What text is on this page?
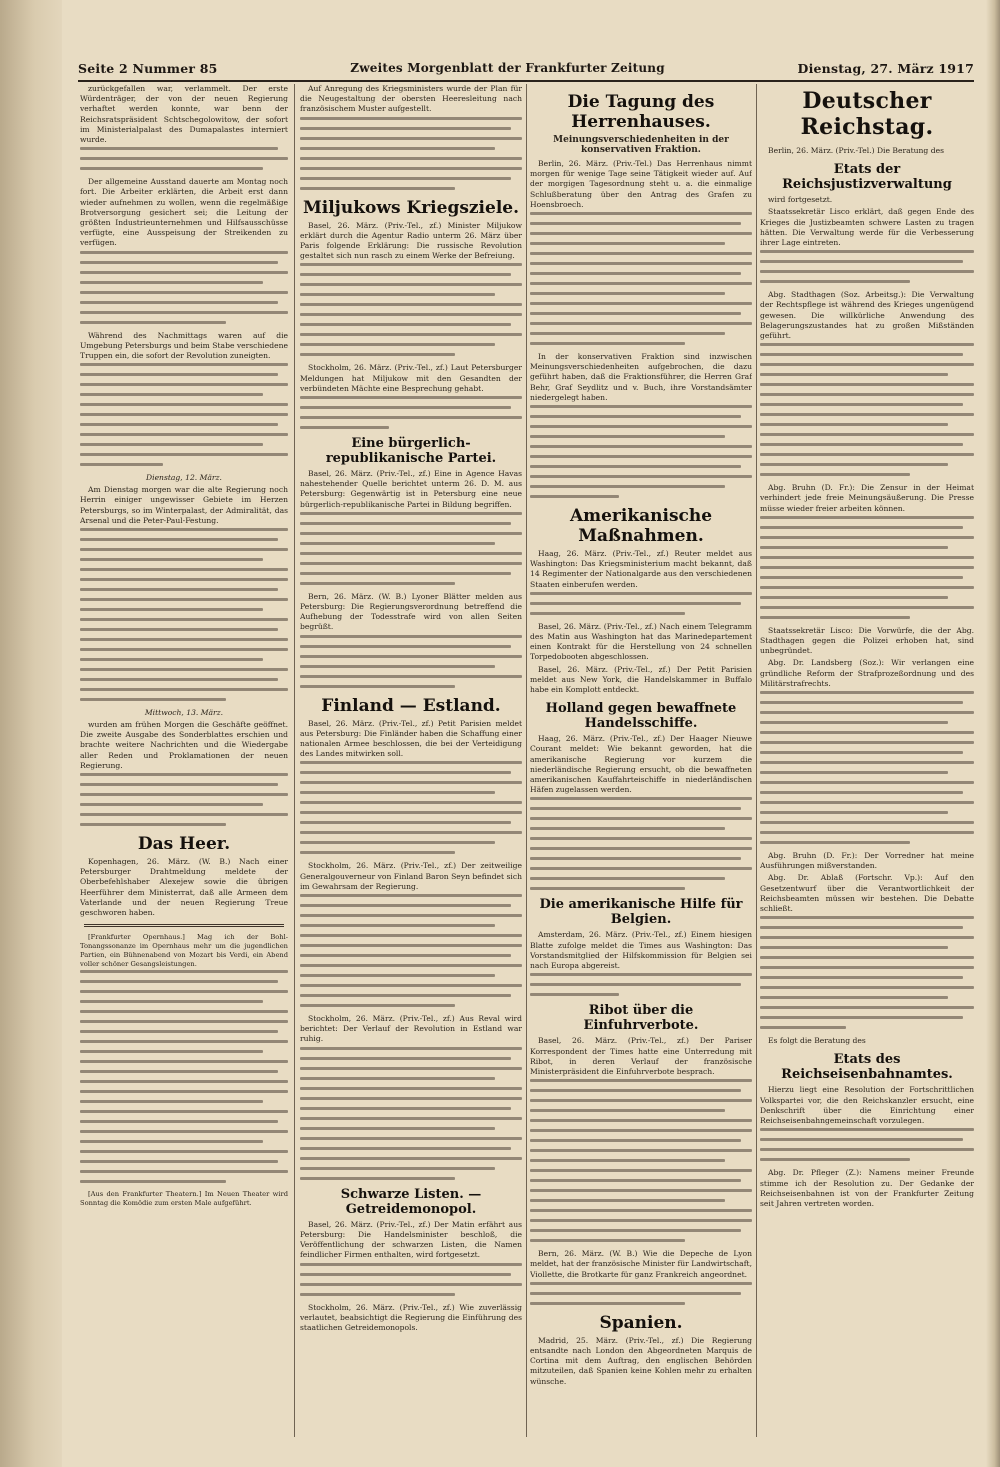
Seite 2 Nummer 85	Zweites Morgenblatt der Frankfurter Zeitung	Dienstag, 27. März 1917

zurückgefallen war, verlammelt. Der erste Würdenträger, der von der neuen Regierung verhaftet werden konnte, war benn der Reichsratspräsident Schtschegolowitow, der sofort im Ministerialpalast des Dumapalastes interniert wurde.

Der allgemeine Ausstand dauerte am Montag noch fort. Die Arbeiter erklärten, die Arbeit erst dann wieder aufnehmen zu wollen, wenn die regelmäßige Brotversorgung gesichert sei; die Leitung der größten Industrieunternehmen und Hilfsausschüsse verfügte, eine Ausspeisung der Streikenden zu verfügen.

Während des Nachmittags waren auf die Umgebung Petersburgs und beim Stabe verschiedene Truppen ein, die sofort der Revolution zuneigten.

Dienstag, 12. März.

Am Dienstag morgen war die alte Regierung noch Herrin einiger ungewisser Gebiete im Herzen Petersburgs, so im Winterpalast, der Admiralität, das Arsenal und die Peter-Paul-Festung.

Mittwoch, 13. März.

wurden am frühen Morgen die Geschäfte geöffnet. Die zweite Ausgabe des Sonderblattes erschien und brachte weitere Nachrichten und die Wiedergabe aller Reden und Proklamationen der neuen Regierung.

Das Heer.

Kopenhagen, 26. März. (W. B.) Nach einer Petersburger Drahtmeldung meldete der Oberbefehlshaber Alexejew sowie die übrigen Heerführer dem Ministerrat, daß alle Armeen dem Vaterlande und der neuen Regierung Treue geschworen haben.

[Frankfurter Opernhaus.] Mag ich der Bohl-Tonangssonanze im Opernhaus mehr um die jugendlichen Partien, ein Bühnenabend von Mozart bis Verdi, ein Abend voller schöner Gesangsleistungen.

[Aus den Frankfurter Theatern.] Im Neuen Theater wird Sonntag die Komödie zum ersten Male aufgeführt.

Auf Anregung des Kriegsministers wurde der Plan für die Neugestaltung der obersten Heeresleitung nach französischem Muster aufgestellt.

Miljukows Kriegsziele.

Basel, 26. März. (Priv.-Tel., zf.) Minister Miljukow erklärt durch die Agentur Radio unterm 26. März über Paris folgende Erklärung: Die russische Revolution gestaltet sich nun rasch zu einem Werke der Befreiung.

Stockholm, 26. März. (Priv.-Tel., zf.) Laut Petersburger Meldungen hat Miljukow mit den Gesandten der verbündeten Mächte eine Besprechung gehabt.

Eine bürgerlich-republikanische Partei.

Basel, 26. März. (Priv.-Tel., zf.) Eine in Agence Havas nahestehender Quelle berichtet unterm 26. D. M. aus Petersburg: Gegenwärtig ist in Petersburg eine neue bürgerlich-republikanische Partei in Bildung begriffen.

Bern, 26. März. (W. B.) Lyoner Blätter melden aus Petersburg: Die Regierungsverordnung betreffend die Aufhebung der Todesstrafe wird von allen Seiten begrüßt.

Finland — Estland.

Basel, 26. März. (Priv.-Tel., zf.) Petit Parisien meldet aus Petersburg: Die Finländer haben die Schaffung einer nationalen Armee beschlossen, die bei der Verteidigung des Landes mitwirken soll.

Stockholm, 26. März. (Priv.-Tel., zf.) Der zeitweilige Generalgouverneur von Finland Baron Seyn befindet sich im Gewahrsam der Regierung.

Stockholm, 26. März. (Priv.-Tel., zf.) Aus Reval wird berichtet: Der Verlauf der Revolution in Estland war ruhig.

Schwarze Listen. — Getreidemonopol.

Basel, 26. März. (Priv.-Tel., zf.) Der Matin erfährt aus Petersburg: Die Handelsminister beschloß, die Veröffentlichung der schwarzen Listen, die Namen feindlicher Firmen enthalten, wird fortgesetzt.

Stockholm, 26. März. (Priv.-Tel., zf.) Wie zuverlässig verlautet, beabsichtigt die Regierung die Einführung des staatlichen Getreidemonopols.

Die Tagung des Herrenhauses.
Meinungsverschiedenheiten in der konservativen Fraktion.

Berlin, 26. März. (Priv.-Tel.) Das Herrenhaus nimmt morgen für wenige Tage seine Tätigkeit wieder auf. Auf der morgigen Tagesordnung steht u. a. die einmalige Schlußberatung über den Antrag des Grafen zu Hoensbroech.

In der konservativen Fraktion sind inzwischen Meinungsverschiedenheiten aufgebrochen, die dazu geführt haben, daß die Fraktionsführer, die Herren Graf Behr, Graf Seydlitz und v. Buch, ihre Vorstandsämter niedergelegt haben.

Amerikanische Maßnahmen.

Haag, 26. März. (Priv.-Tel., zf.) Reuter meldet aus Washington: Das Kriegsministerium macht bekannt, daß 14 Regimenter der Nationalgarde aus den verschiedenen Staaten einberufen werden.

Basel, 26. März. (Priv.-Tel., zf.) Nach einem Telegramm des Matin aus Washington hat das Marinedepartement einen Kontrakt für die Herstellung von 24 schnellen Torpedobooten abgeschlossen.

Basel, 26. März. (Priv.-Tel., zf.) Der Petit Parisien meldet aus New York, die Handelskammer in Buffalo habe ein Komplott entdeckt.

Holland gegen bewaffnete Handelsschiffe.

Haag, 26. März. (Priv.-Tel., zf.) Der Haager Nieuwe Courant meldet: Wie bekannt geworden, hat die amerikanische Regierung vor kurzem die niederländische Regierung ersucht, ob die bewaffneten amerikanischen Kauffahrteischiffe in niederländischen Häfen zugelassen werden.

Die amerikanische Hilfe für Belgien.

Amsterdam, 26. März. (Priv.-Tel., zf.) Einem hiesigen Blatte zufolge meldet die Times aus Washington: Das Vorstandsmitglied der Hilfskommission für Belgien sei nach Europa abgereist.

Ribot über die Einfuhrverbote.

Basel, 26. März. (Priv.-Tel., zf.) Der Pariser Korrespondent der Times hatte eine Unterredung mit Ribot, in deren Verlauf der französische Ministerpräsident die Einfuhrverbote besprach.

Bern, 26. März. (W. B.) Wie die Depeche de Lyon meldet, hat der französische Minister für Landwirtschaft, Viollette, die Brotkarte für ganz Frankreich angeordnet.

Spanien.

Madrid, 25. März. (Priv.-Tel., zf.) Die Regierung entsandte nach London den Abgeordneten Marquis de Cortina mit dem Auftrag, den englischen Behörden mitzuteilen, daß Spanien keine Kohlen mehr zu erhalten wünsche.

Deutscher Reichstag.

Berlin, 26. März. (Priv.-Tel.) Die Beratung des

Etats der Reichsjustizverwaltung

wird fortgesetzt.

Staatssekretär Lisco erklärt, daß gegen Ende des Krieges die Justizbeamten schwere Lasten zu tragen hätten. Die Verwaltung werde für die Verbesserung ihrer Lage eintreten.

Abg. Stadthagen (Soz. Arbeitsg.): Die Verwaltung der Rechtspflege ist während des Krieges ungenügend gewesen. Die willkürliche Anwendung des Belagerungszustandes hat zu großen Mißständen geführt.

Abg. Bruhn (D. Fr.): Die Zensur in der Heimat verhindert jede freie Meinungsäußerung. Die Presse müsse wieder freier arbeiten können.

Staatssekretär Lisco: Die Vorwürfe, die der Abg. Stadthagen gegen die Polizei erhoben hat, sind unbegründet.

Abg. Dr. Landsberg (Soz.): Wir verlangen eine gründliche Reform der Strafprozeßordnung und des Militärstrafrechts.

Abg. Bruhn (D. Fr.): Der Vorredner hat meine Ausführungen mißverstanden.

Abg. Dr. Ablaß (Fortschr. Vp.): Auf den Gesetzentwurf über die Verantwortlichkeit der Reichsbeamten müssen wir bestehen. Die Debatte schließt.

Es folgt die Beratung des

Etats des Reichseisenbahnamtes.

Hierzu liegt eine Resolution der Fortschrittlichen Volkspartei vor, die den Reichskanzler ersucht, eine Denkschrift über die Einrichtung einer Reichseisenbahngemeinschaft vorzulegen.

Abg. Dr. Pfleger (Z.): Namens meiner Freunde stimme ich der Resolution zu. Der Gedanke der Reichseisenbahnen ist von der Frankfurter Zeitung seit Jahren vertreten worden.
